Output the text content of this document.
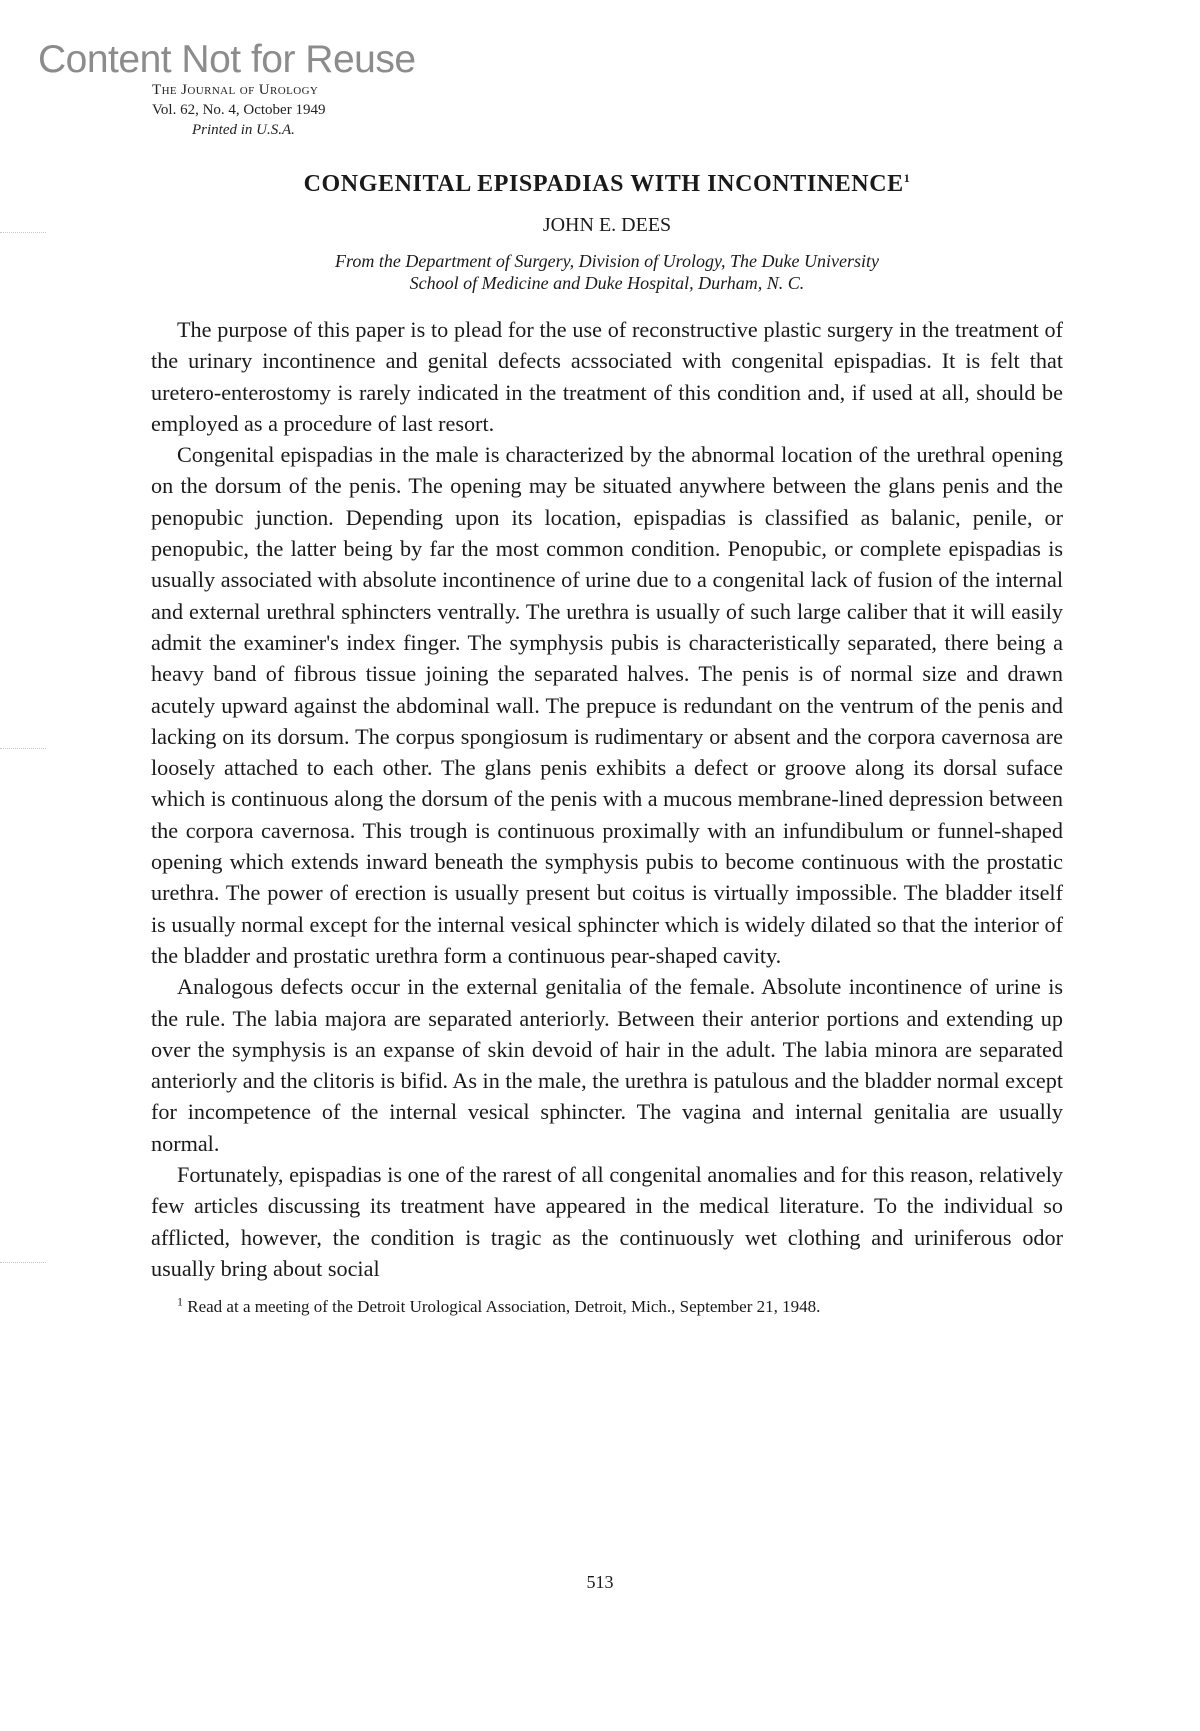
Content Not for Reuse
The Journal of Urology
Vol. 62, No. 4, October 1949
Printed in U.S.A.
CONGENITAL EPISPADIAS WITH INCONTINENCE$^1$
JOHN E. DEES
From the Department of Surgery, Division of Urology, The Duke University
School of Medicine and Duke Hospital, Durham, N. C.

The purpose of this paper is to plead for the use of reconstructive plastic surgery in the treatment of the urinary incontinence and genital defects acssociated with congenital epispadias. It is felt that uretero-enterostomy is rarely indicated in the treatment of this condition and, if used at all, should be employed as a procedure of last resort.

Congenital epispadias in the male is characterized by the abnormal location of the urethral opening on the dorsum of the penis. The opening may be situated anywhere between the glans penis and the penopubic junction. Depending upon its location, epispadias is classified as balanic, penile, or penopubic, the latter being by far the most common condition. Penopubic, or complete epispadias is usually associated with absolute incontinence of urine due to a congenital lack of fusion of the internal and external urethral sphincters ventrally. The urethra is usually of such large caliber that it will easily admit the examiner's index finger. The symphysis pubis is characteristically separated, there being a heavy band of fibrous tissue joining the separated halves. The penis is of normal size and drawn acutely upward against the abdominal wall. The prepuce is redundant on the ventrum of the penis and lacking on its dorsum. The corpus spongiosum is rudimentary or absent and the corpora cavernosa are loosely attached to each other. The glans penis exhibits a defect or groove along its dorsal suface which is continuous along the dorsum of the penis with a mucous membrane-lined depression between the corpora cavernosa. This trough is continuous proximally with an infundibulum or funnel-shaped opening which extends inward beneath the symphysis pubis to become continuous with the prostatic urethra. The power of erection is usually present but coitus is virtually impossible. The bladder itself is usually normal except for the internal vesical sphincter which is widely dilated so that the interior of the bladder and prostatic urethra form a continuous pear-shaped cavity.

Analogous defects occur in the external genitalia of the female. Absolute incontinence of urine is the rule. The labia majora are separated anteriorly. Between their anterior portions and extending up over the symphysis is an expanse of skin devoid of hair in the adult. The labia minora are separated anteriorly and the clitoris is bifid. As in the male, the urethra is patulous and the bladder normal except for incompetence of the internal vesical sphincter. The vagina and internal genitalia are usually normal.

Fortunately, epispadias is one of the rarest of all congenital anomalies and for this reason, relatively few articles discussing its treatment have appeared in the medical literature. To the individual so afflicted, however, the condition is tragic as the continuously wet clothing and uriniferous odor usually bring about social

$^1$ Read at a meeting of the Detroit Urological Association, Detroit, Mich., September 21, 1948.
513
